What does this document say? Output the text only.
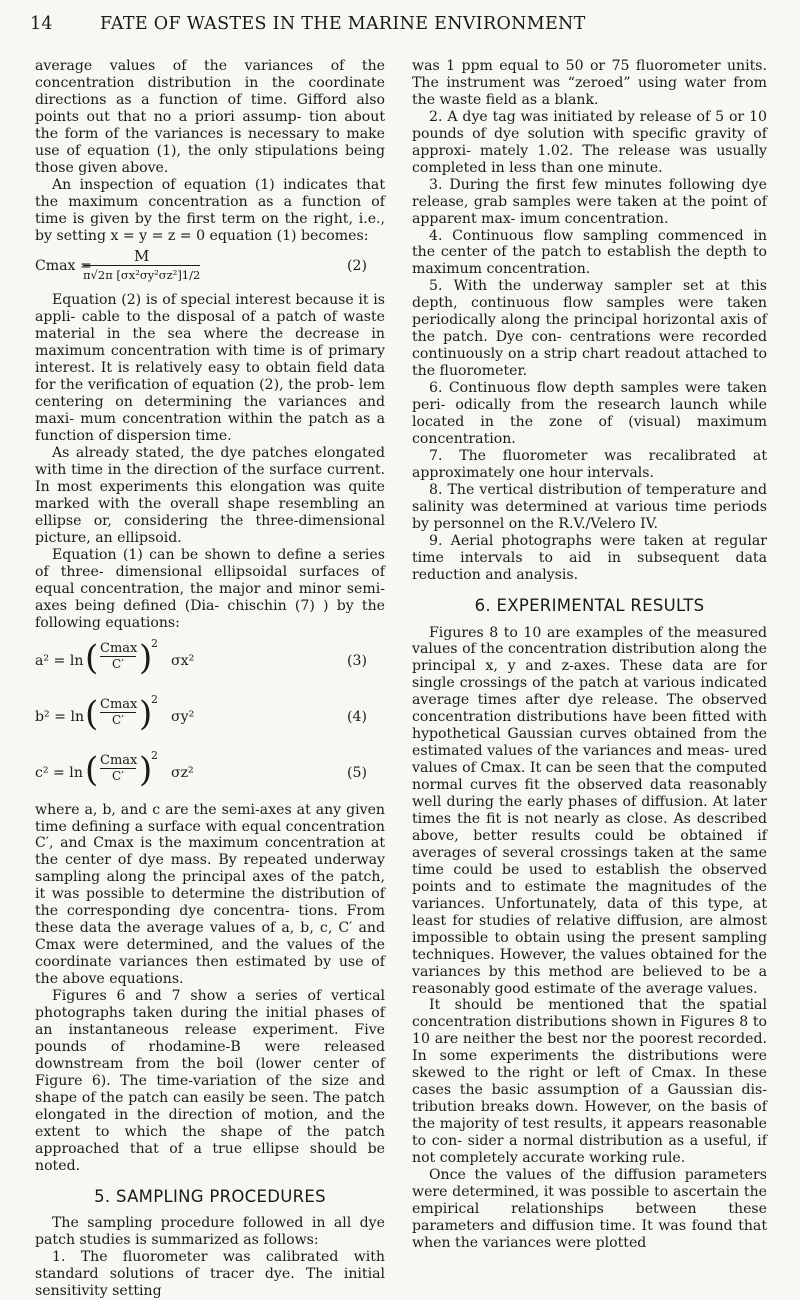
14	FATE OF WASTES IN THE MARINE ENVIRONMENT

average values of the variances of the concentration distribution in the coordinate directions as a function of time. Gifford also points out that no a priori assump- tion about the form of the variances is necessary to make use of equation (1), the only stipulations being those given above.

An inspection of equation (1) indicates that the maximum concentration as a function of time is given by the first term on the right, i.e., by setting x = y = z = 0 equation (1) becomes:

Cmax =
M
π√2π [σx²σy²σz²]1/2
(2)

Equation (2) is of special interest because it is appli- cable to the disposal of a patch of waste material in the sea where the decrease in maximum concentration with time is of primary interest. It is relatively easy to obtain field data for the verification of equation (2), the prob- lem centering on determining the variances and maxi- mum concentration within the patch as a function of dispersion time.

As already stated, the dye patches elongated with time in the direction of the surface current. In most experiments this elongation was quite marked with the overall shape resembling an ellipse or, considering the three-dimensional picture, an ellipsoid.

Equation (1) can be shown to define a series of three- dimensional ellipsoidal surfaces of equal concentration, the major and minor semi-axes being defined (Dia- chischin (7) ) by the following equations:

a² = ln ( Cmax
C′ )
2
σx²	(3)
b² = ln ( Cmax
C′ )
2
σy²	(4)
c² = ln ( Cmax
C′ )
2
σz²	(5)

where a, b, and c are the semi-axes at any given time defining a surface with equal concentration C′, and Cmax is the maximum concentration at the center of dye mass. By repeated underway sampling along the principal axes of the patch, it was possible to determine the distribution of the corresponding dye concentra- tions. From these data the average values of a, b, c, C′ and Cmax were determined, and the values of the coordinate variances then estimated by use of the above equations.

Figures 6 and 7 show a series of vertical photographs taken during the initial phases of an instantaneous release experiment. Five pounds of rhodamine-B were released downstream from the boil (lower center of Figure 6). The time-variation of the size and shape of the patch can easily be seen. The patch elongated in the direction of motion, and the extent to which the shape of the patch approached that of a true ellipse should be noted.

5. SAMPLING PROCEDURES

The sampling procedure followed in all dye patch studies is summarized as follows:

1. The fluorometer was calibrated with standard solutions of tracer dye. The initial sensitivity setting

was 1 ppm equal to 50 or 75 fluorometer units. The instrument was “zeroed” using water from the waste field as a blank.

2. A dye tag was initiated by release of 5 or 10 pounds of dye solution with specific gravity of approxi- mately 1.02. The release was usually completed in less than one minute.

3. During the first few minutes following dye release, grab samples were taken at the point of apparent max- imum concentration.

4. Continuous flow sampling commenced in the center of the patch to establish the depth to maximum concentration.

5. With the underway sampler set at this depth, continuous flow samples were taken periodically along the principal horizontal axis of the patch. Dye con- centrations were recorded continuously on a strip chart readout attached to the fluorometer.

6. Continuous flow depth samples were taken peri- odically from the research launch while located in the zone of (visual) maximum concentration.

7. The fluorometer was recalibrated at approximately one hour intervals.

8. The vertical distribution of temperature and salinity was determined at various time periods by personnel on the R.V./Velero IV.

9. Aerial photographs were taken at regular time intervals to aid in subsequent data reduction and analysis.

6. EXPERIMENTAL RESULTS

Figures 8 to 10 are examples of the measured values of the concentration distribution along the principal x, y and z-axes. These data are for single crossings of the patch at various indicated average times after dye release. The observed concentration distributions have been fitted with hypothetical Gaussian curves obtained from the estimated values of the variances and meas- ured values of Cmax. It can be seen that the computed normal curves fit the observed data reasonably well during the early phases of diffusion. At later times the fit is not nearly as close. As described above, better results could be obtained if averages of several crossings taken at the same time could be used to establish the observed points and to estimate the magnitudes of the variances. Unfortunately, data of this type, at least for studies of relative diffusion, are almost impossible to obtain using the present sampling techniques. However, the values obtained for the variances by this method are believed to be a reasonably good estimate of the average values.

It should be mentioned that the spatial concentration distributions shown in Figures 8 to 10 are neither the best nor the poorest recorded. In some experiments the distributions were skewed to the right or left of Cmax. In these cases the basic assumption of a Gaussian dis- tribution breaks down. However, on the basis of the majority of test results, it appears reasonable to con- sider a normal distribution as a useful, if not completely accurate working rule.

Once the values of the diffusion parameters were determined, it was possible to ascertain the empirical relationships between these parameters and diffusion time. It was found that when the variances were plotted
